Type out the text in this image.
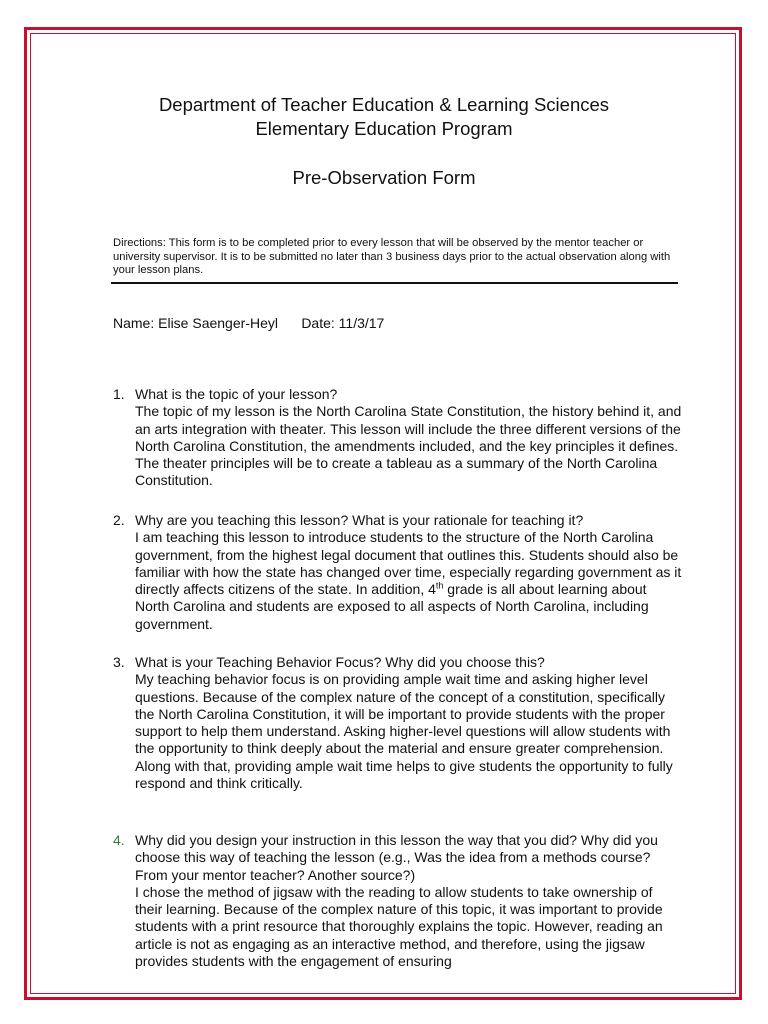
Department of Teacher Education & Learning Sciences
Elementary Education Program
Pre-Observation Form
Directions: This form is to be completed prior to every lesson that will be observed by the mentor teacher or university supervisor. It is to be submitted no later than 3 business days prior to the actual observation along with your lesson plans.
Name: Elise Saenger-Heyl Date: 11/3/17
1. What is the topic of your lesson?
The topic of my lesson is the North Carolina State Constitution, the history behind it, and an arts integration with theater. This lesson will include the three different versions of the North Carolina Constitution, the amendments included, and the key principles it defines. The theater principles will be to create a tableau as a summary of the North Carolina Constitution.
2. Why are you teaching this lesson? What is your rationale for teaching it?
I am teaching this lesson to introduce students to the structure of the North Carolina government, from the highest legal document that outlines this. Students should also be familiar with how the state has changed over time, especially regarding government as it directly affects citizens of the state. In addition, 4th grade is all about learning about North Carolina and students are exposed to all aspects of North Carolina, including government.
3. What is your Teaching Behavior Focus? Why did you choose this?
My teaching behavior focus is on providing ample wait time and asking higher level questions. Because of the complex nature of the concept of a constitution, specifically the North Carolina Constitution, it will be important to provide students with the proper support to help them understand. Asking higher-level questions will allow students with the opportunity to think deeply about the material and ensure greater comprehension. Along with that, providing ample wait time helps to give students the opportunity to fully respond and think critically.
4. Why did you design your instruction in this lesson the way that you did? Why did you choose this way of teaching the lesson (e.g., Was the idea from a methods course? From your mentor teacher? Another source?)
I chose the method of jigsaw with the reading to allow students to take ownership of their learning. Because of the complex nature of this topic, it was important to provide students with a print resource that thoroughly explains the topic. However, reading an article is not as engaging as an interactive method, and therefore, using the jigsaw provides students with the engagement of ensuring
